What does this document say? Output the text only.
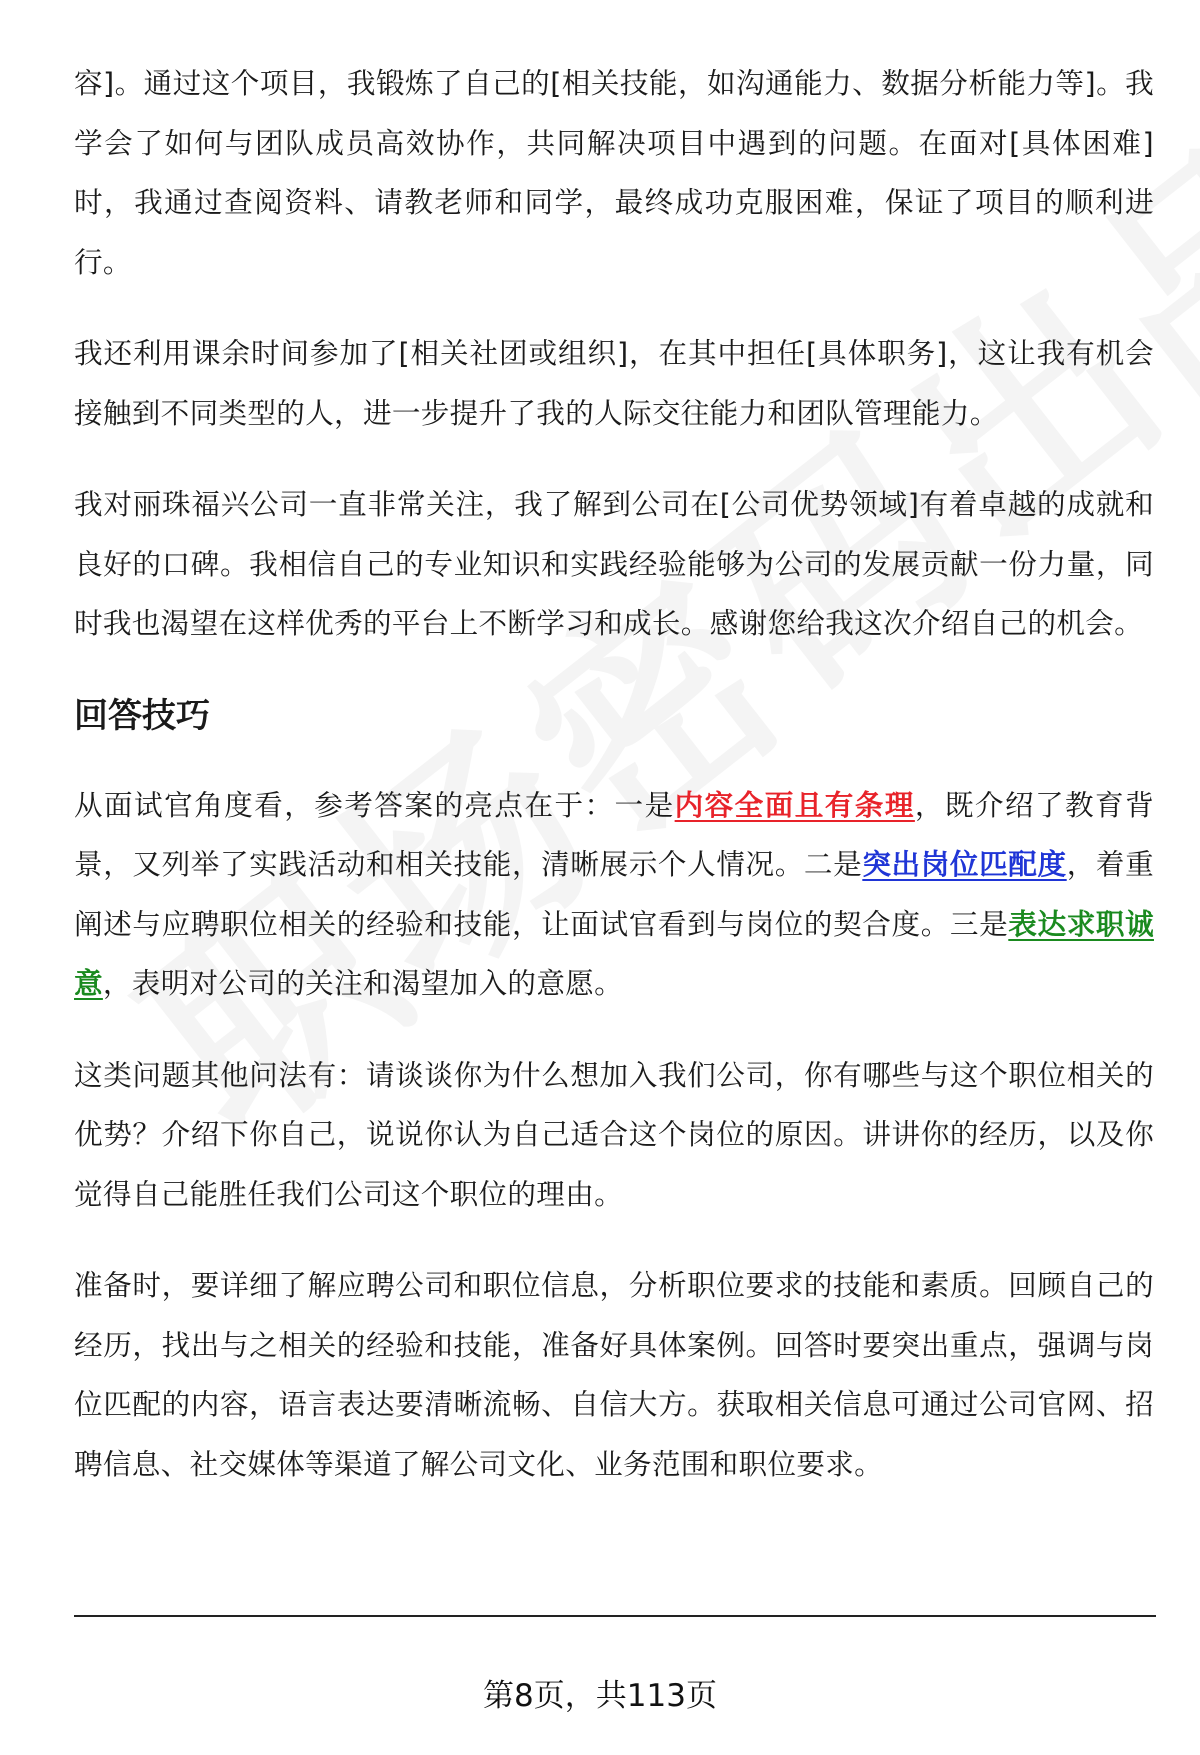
容]。通过这个项目，我锻炼了自己的[相关技能，如沟通能力、数据分析能力等]。我学会了如何与团队成员高效协作，共同解决项目中遇到的问题。在面对[具体困难]时，我通过查阅资料、请教老师和同学，最终成功克服困难，保证了项目的顺利进行。

我还利用课余时间参加了[相关社团或组织]，在其中担任[具体职务]，这让我有机会接触到不同类型的人，进一步提升了我的人际交往能力和团队管理能力。

我对丽珠福兴公司一直非常关注，我了解到公司在[公司优势领域]有着卓越的成就和良好的口碑。我相信自己的专业知识和实践经验能够为公司的发展贡献一份力量，同时我也渴望在这样优秀的平台上不断学习和成长。感谢您给我这次介绍自己的机会。

回答技巧

从面试官角度看，参考答案的亮点在于：一是内容全面且有条理，既介绍了教育背景，又列举了实践活动和相关技能，清晰展示个人情况。二是突出岗位匹配度，着重阐述与应聘职位相关的经验和技能，让面试官看到与岗位的契合度。三是表达求职诚意，表明对公司的关注和渴望加入的意愿。

这类问题其他问法有：请谈谈你为什么想加入我们公司，你有哪些与这个职位相关的优势？介绍下你自己，说说你认为自己适合这个岗位的原因。讲讲你的经历，以及你觉得自己能胜任我们公司这个职位的理由。

准备时，要详细了解应聘公司和职位信息，分析职位要求的技能和素质。回顾自己的经历，找出与之相关的经验和技能，准备好具体案例。回答时要突出重点，强调与岗位匹配的内容，语言表达要清晰流畅、自信大方。获取相关信息可通过公司官网、招聘信息、社交媒体等渠道了解公司文化、业务范围和职位要求。

第8页，共113页
